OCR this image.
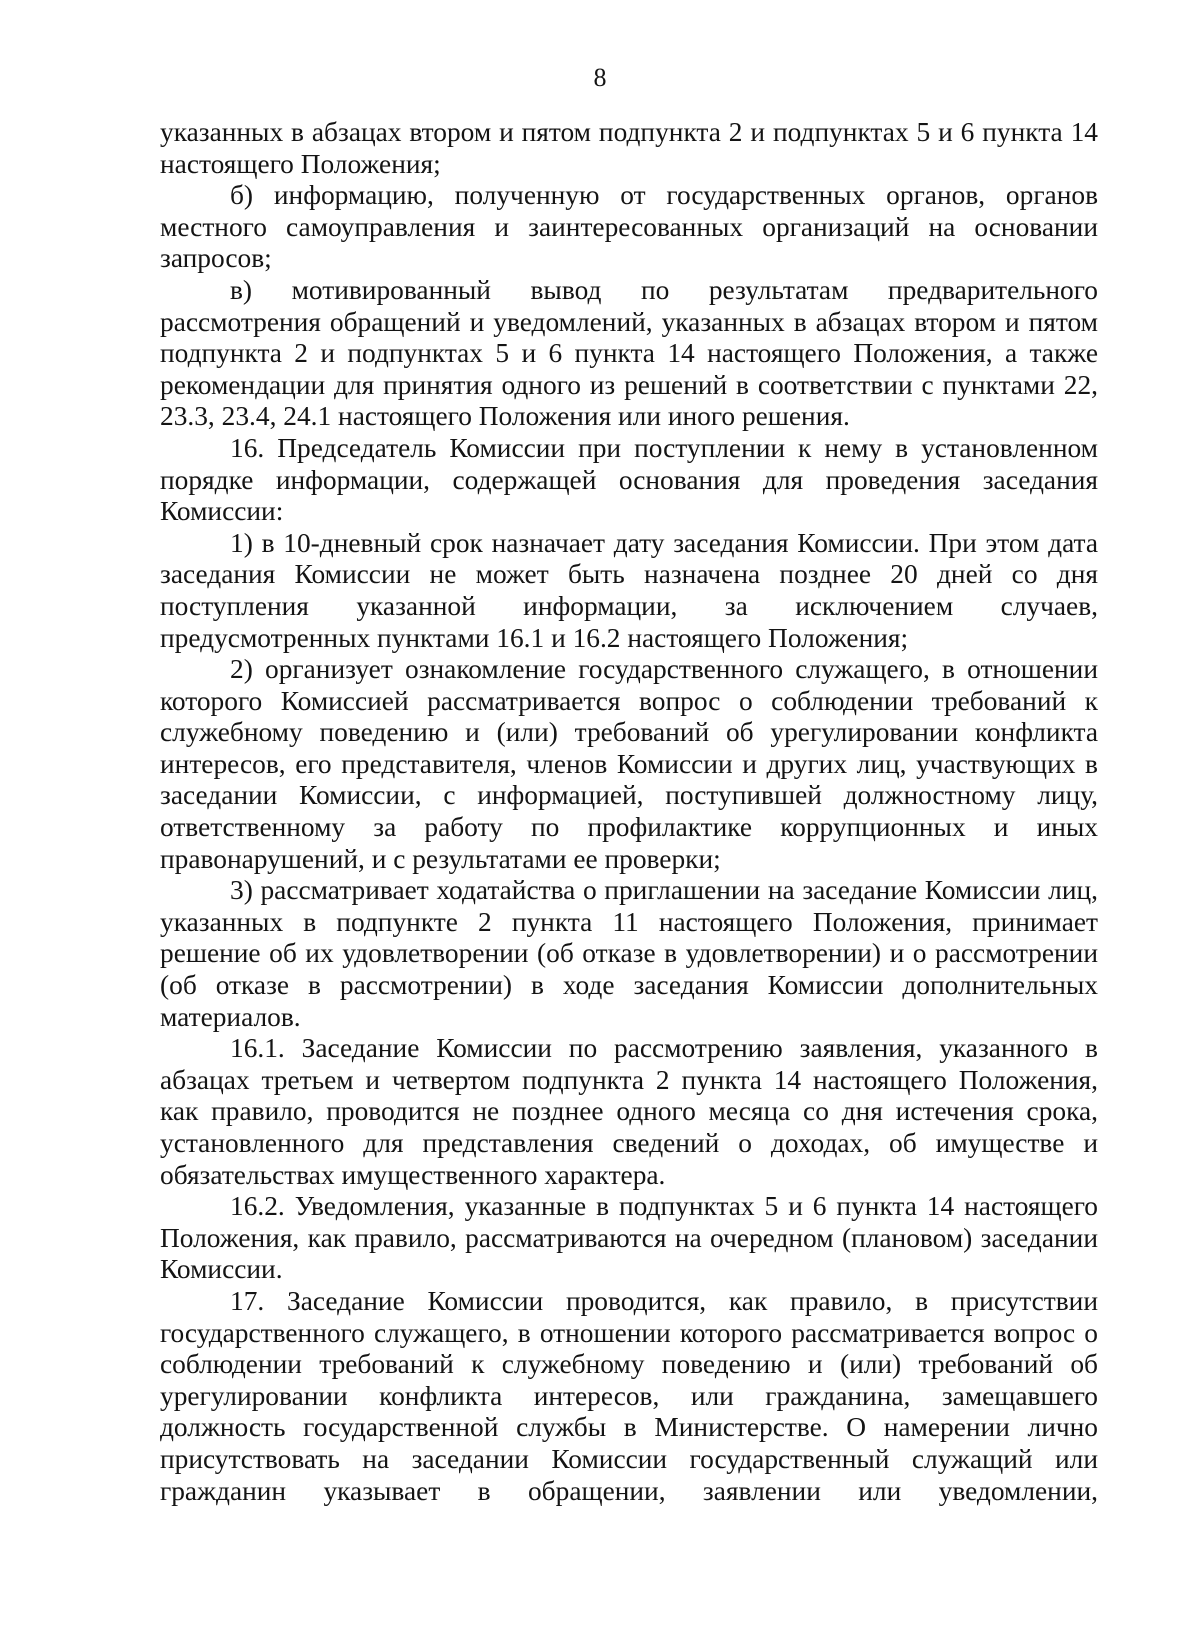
8

указанных в абзацах втором и пятом подпункта 2 и подпунктах 5 и 6 пункта 14 настоящего Положения;

б) информацию, полученную от государственных органов, органов местного самоуправления и заинтересованных организаций на основании запросов;

в) мотивированный вывод по результатам предварительного рассмотрения обращений и уведомлений, указанных в абзацах втором и пятом подпункта 2 и подпунктах 5 и 6 пункта 14 настоящего Положения, а также рекомендации для принятия одного из решений в соответствии с пунктами 22, 23.3, 23.4, 24.1 настоящего Положения или иного решения.

16. Председатель Комиссии при поступлении к нему в установленном порядке информации, содержащей основания для проведения заседания Комиссии:

1) в 10-дневный срок назначает дату заседания Комиссии. При этом дата заседания Комиссии не может быть назначена позднее 20 дней со дня поступления указанной информации, за исключением случаев, предусмотренных пунктами 16.1 и 16.2 настоящего Положения;

2) организует ознакомление государственного служащего, в отношении которого Комиссией рассматривается вопрос о соблюдении требований к служебному поведению и (или) требований об урегулировании конфликта интересов, его представителя, членов Комиссии и других лиц, участвующих в заседании Комиссии, с информацией, поступившей должностному лицу, ответственному за работу по профилактике коррупционных и иных правонарушений, и с результатами ее проверки;

3) рассматривает ходатайства о приглашении на заседание Комиссии лиц, указанных в подпункте 2 пункта 11 настоящего Положения, принимает решение об их удовлетворении (об отказе в удовлетворении) и о рассмотрении (об отказе в рассмотрении) в ходе заседания Комиссии дополнительных материалов.

16.1. Заседание Комиссии по рассмотрению заявления, указанного в абзацах третьем и четвертом подпункта 2 пункта 14 настоящего Положения, как правило, проводится не позднее одного месяца со дня истечения срока, установленного для представления сведений о доходах, об имуществе и обязательствах имущественного характера.

16.2. Уведомления, указанные в подпунктах 5 и 6 пункта 14 настоящего Положения, как правило, рассматриваются на очередном (плановом) заседании Комиссии.

17. Заседание Комиссии проводится, как правило, в присутствии государственного служащего, в отношении которого рассматривается вопрос о соблюдении требований к служебному поведению и (или) требований об урегулировании конфликта интересов, или гражданина, замещавшего должность государственной службы в Министерстве. О намерении лично присутствовать на заседании Комиссии государственный служащий или гражданин указывает в обращении, заявлении или уведомлении,
